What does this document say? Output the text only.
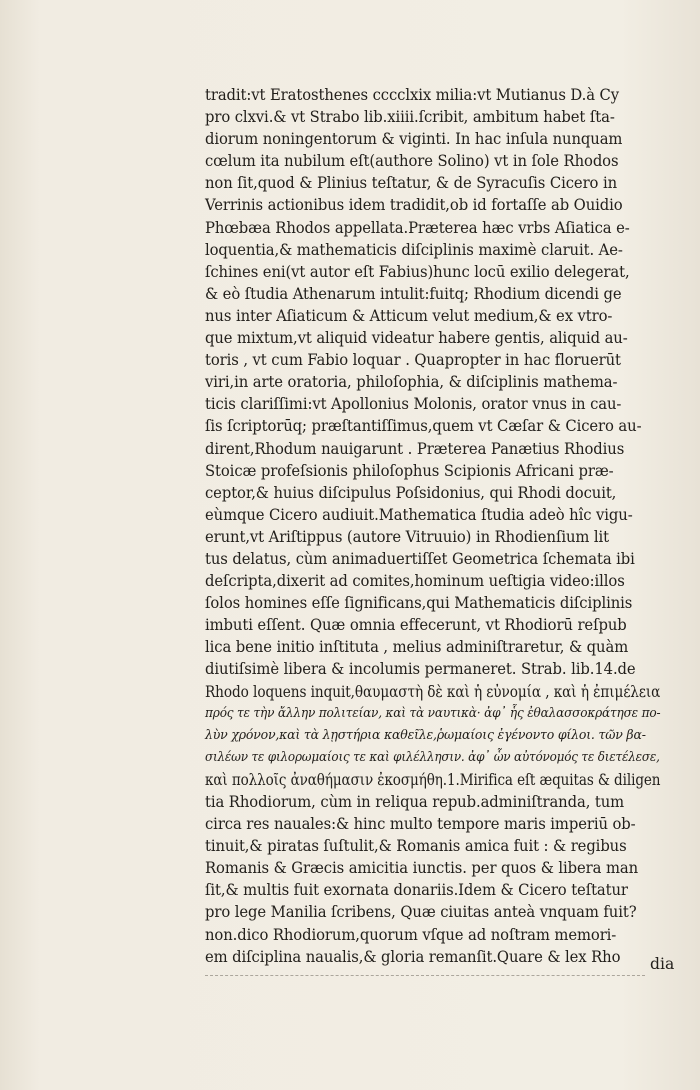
tradit:vt Eratosthenes cccclxix milia:vt Mutianus D.à Cy
pro clxvi.& vt Strabo lib.xiiii.ſcribit, ambitum habet ſta-
diorum noningentorum & viginti. In hac inſula nunquam
cœlum ita nubilum eſt(authore Solino) vt in ſole Rhodos
non ſit,quod & Plinius teſtatur, & de Syracuſis Cicero in
Verrinis actionibus idem tradidit,ob id fortaſſe ab Ouidio
Phœbæa Rhodos appellata.Præterea hæc vrbs Aſiatica e-
loquentia,& mathematicis diſciplinis maximè claruit. Ae-
ſchines eni(vt autor eſt Fabius)hunc locū exilio delegerat,
& eò ſtudia Athenarum intulit:fuitq; Rhodium dicendi ge
nus inter Aſiaticum & Atticum velut medium,& ex vtro-
que mixtum,vt aliquid videatur habere gentis, aliquid au-
toris , vt cum Fabio loquar . Quapropter in hac floruerūt
viri,in arte oratoria, philoſophia, & diſciplinis mathema-
ticis clariſſimi:vt Apollonius Molonis, orator vnus in cau-
ſis ſcriptorūq; præſtantiſſimus,quem vt Cæſar & Cicero au-
dirent,Rhodum nauigarunt . Præterea Panætius Rhodius
Stoicæ profeſsionis philoſophus Scipionis Africani præ-
ceptor,& huius diſcipulus Poſsidonius, qui Rhodi docuit,
eùmque Cicero audiuit.Mathematica ſtudia adeò hîc vigu-
erunt,vt Ariſtippus (autore Vitruuio) in Rhodienſium lit
tus delatus, cùm animaduertiſſet Geometrica ſchemata ibi
deſcripta,dixerit ad comites,hominum ueſtigia video:illos
ſolos homines eſſe ſignificans,qui Mathematicis diſciplinis
imbuti eſſent. Quæ omnia effecerunt, vt Rhodiorū reſpub
lica bene initio inſtituta , melius adminiſtraretur, & quàm
diutiſsimè libera & incolumis permaneret. Strab. lib.14.de
Rhodo loquens inquit,θαυμαστὴ δὲ καὶ ἡ εὐνομία , καὶ ἡ ἐπιμέλεια
πρός τε τὴν ἄλλην πολιτείαν, καὶ τὰ ναυτικὰ· ἀφ᾽ ἧς ἐθαλασσοκράτησε πο-
λὺν χρόνον,καὶ τὰ λῃστήρια καθεῖλε,ῥωμαίοις ἐγένοντο φίλοι. τῶν βα-
σιλέων τε φιλορωμαίοις τε καὶ φιλέλλησιν. ἀφ᾽ ὧν αὐτόνομός τε διετέλεσε,
καὶ πολλοῖς ἀναθήμασιν ἐκοσμήθη.1.Mirifica eſt æquitas & diligen
tia Rhodiorum, cùm in reliqua repub.adminiſtranda, tum
circa res nauales:& hinc multo tempore maris imperiū ob-
tinuit,& piratas ſuſtulit,& Romanis amica fuit : & regibus
Romanis & Græcis amicitia iunctis. per quos & libera man
ſit,& multis fuit exornata donariis.Idem & Cicero teſtatur
pro lege Manilia ſcribens, Quæ ciuitas anteà vnquam fuit?
non.dico Rhodiorum,quorum vſque ad noſtram memori-
em diſciplina naualis,& gloria remanſit.Quare & lex Rho	dia
